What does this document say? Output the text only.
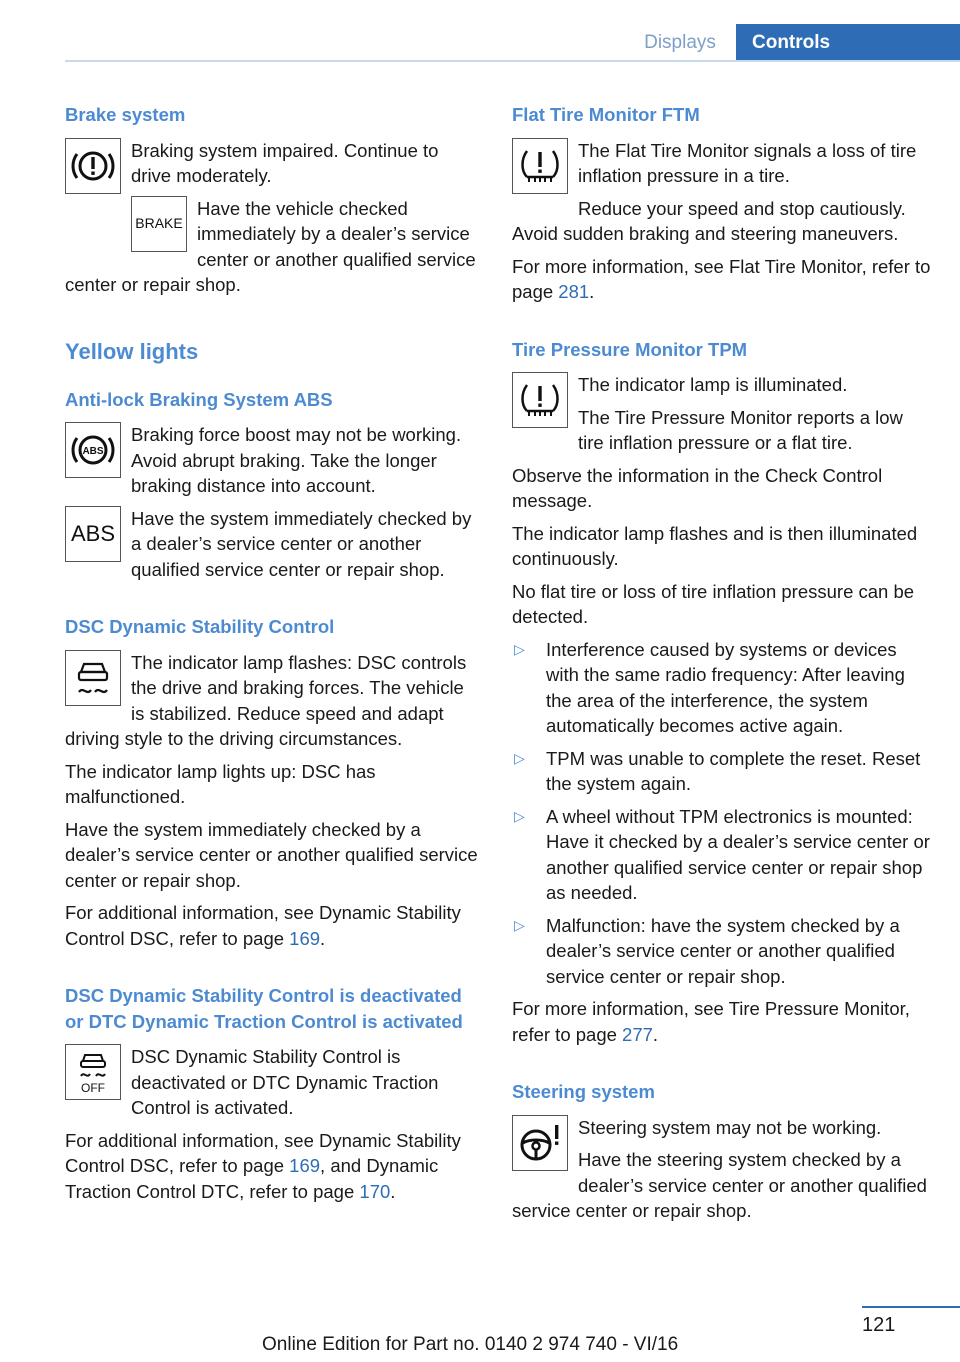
Displays	Controls
Brake system

Braking system impaired. Continue to drive moderately.

BRAKE

Have the vehicle checked immediately by a dealer’s service center or another qualified service center or repair shop.

Yellow lights
Anti-lock Braking System ABS
ABS

Braking force boost may not be working. Avoid abrupt braking. Take the longer braking distance into account.

ABS

Have the system immediately checked by a dealer’s service center or another qualified service center or repair shop.

DSC Dynamic Stability Control

The indicator lamp flashes: DSC controls the drive and braking forces. The vehicle is stabilized. Reduce speed and adapt driving style to the driving circumstances.

The indicator lamp lights up: DSC has malfunctioned.

Have the system immediately checked by a dealer’s service center or another qualified service center or repair shop.

For additional information, see Dynamic Stability Control DSC, refer to page 169.

DSC Dynamic Stability Control is deactivated or DTC Dynamic Traction Control is activated
OFF

DSC Dynamic Stability Control is deactivated or DTC Dynamic Traction Control is activated.

For additional information, see Dynamic Stability Control DSC, refer to page 169, and Dynamic Traction Control DTC, refer to page 170.

Flat Tire Monitor FTM

The Flat Tire Monitor signals a loss of tire inflation pressure in a tire.

Reduce your speed and stop cautiously. Avoid sudden braking and steering maneuvers.

For more information, see Flat Tire Monitor, refer to page 281.

Tire Pressure Monitor TPM

The indicator lamp is illuminated.

The Tire Pressure Monitor reports a low tire inflation pressure or a flat tire.

Observe the information in the Check Control message.

The indicator lamp flashes and is then illuminated continuously.

No flat tire or loss of tire inflation pressure can be detected.

▷ Interference caused by systems or devices with the same radio frequency: After leaving the area of the interference, the system automatically becomes active again.
▷ TPM was unable to complete the reset. Reset the system again.
▷ A wheel without TPM electronics is mounted: Have it checked by a dealer’s service center or another qualified service center or repair shop as needed.
▷ Malfunction: have the system checked by a dealer’s service center or another qualified service center or repair shop.

For more information, see Tire Pressure Monitor, refer to page 277.

Steering system

Steering system may not be working.

Have the steering system checked by a dealer’s service center or another qualified service center or repair shop.

121
Online Edition for Part no. 0140 2 974 740 - VI/16
